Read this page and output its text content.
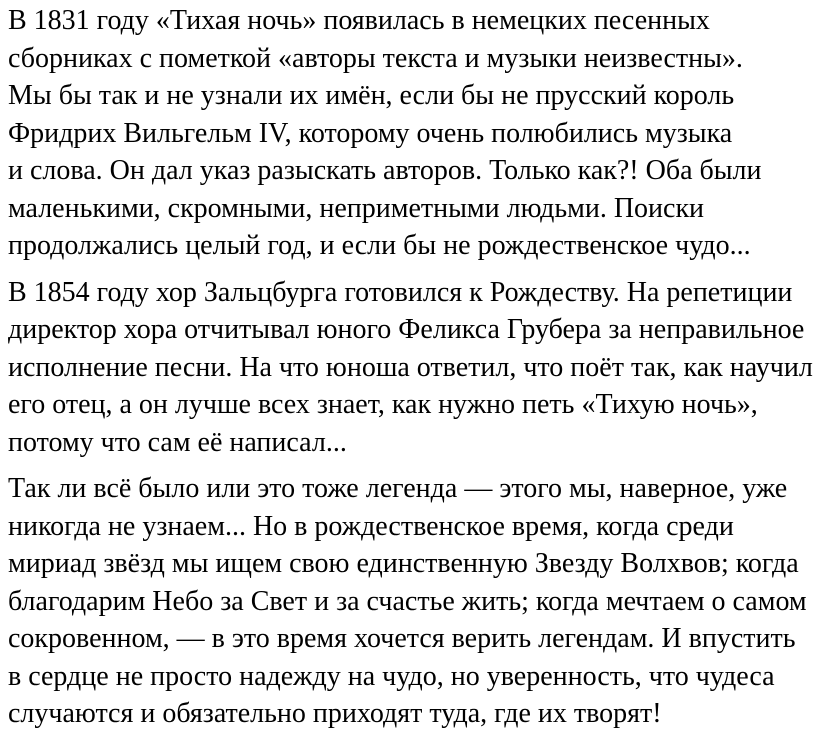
В 1831 году «Тихая ночь» появилась в немецких песенных
сборниках с пометкой «авторы текста и музыки неизвестны».
Мы бы так и не узнали их имён, если бы не прусский король
Фридрих Вильгельм IV, которому очень полюбились музыка
и слова. Он дал указ разыскать авторов. Только как?! Оба были
маленькими, скромными, неприметными людьми. Поиски
продолжались целый год, и если бы не рождественское чудо...

В 1854 году хор Зальцбурга готовился к Рождеству. На репетиции
директор хора отчитывал юного Феликса Грубера за неправильное
исполнение песни. На что юноша ответил, что поёт так, как научил
его отец, а он лучше всех знает, как нужно петь «Тихую ночь»,
потому что сам её написал...

Так ли всё было или это тоже легенда — этого мы, наверное, уже
никогда не узнаем... Но в рождественское время, когда среди
мириад звёзд мы ищем свою единственную Звезду Волхвов; когда
благодарим Небо за Свет и за счастье жить; когда мечтаем о самом
сокровенном, — в это время хочется верить легендам. И впустить
в сердце не просто надежду на чудо, но уверенность, что чудеса
случаются и обязательно приходят туда, где их творят!
